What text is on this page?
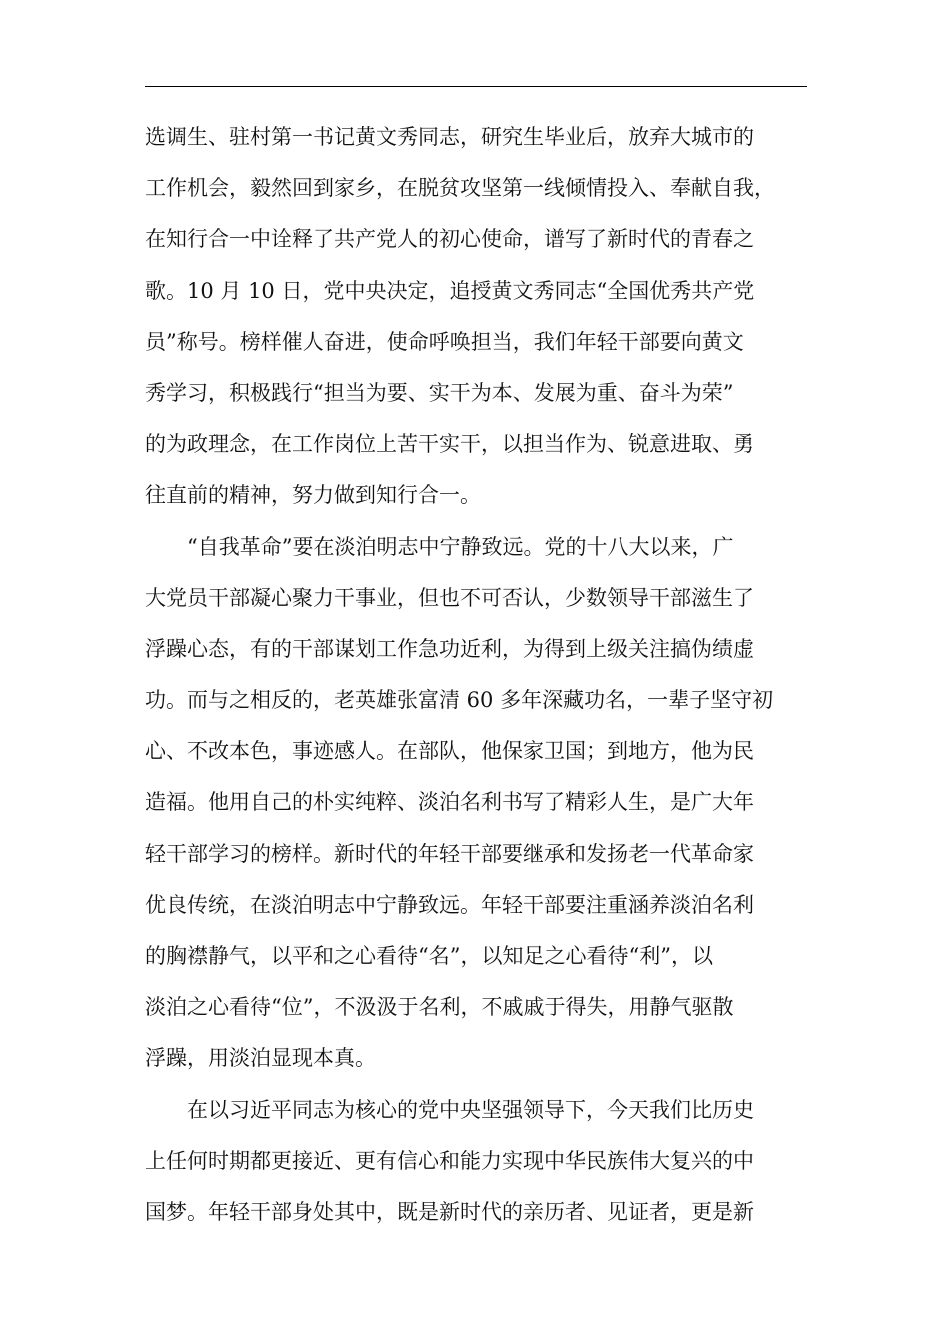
选调生、驻村第一书记黄文秀同志，研究生毕业后，放弃大城市的
工作机会，毅然回到家乡，在脱贫攻坚第一线倾情投入、奉献自我，
在知行合一中诠释了共产党人的初心使命，谱写了新时代的青春之
歌。10 月 10 日，党中央决定，追授黄文秀同志“全国优秀共产党
员”称号。榜样催人奋进，使命呼唤担当，我们年轻干部要向黄文
秀学习，积极践行“担当为要、实干为本、发展为重、奋斗为荣”
的为政理念，在工作岗位上苦干实干，以担当作为、锐意进取、勇
往直前的精神，努力做到知行合一。
“自我革命”要在淡泊明志中宁静致远。党的十八大以来，广
大党员干部凝心聚力干事业，但也不可否认，少数领导干部滋生了
浮躁心态，有的干部谋划工作急功近利，为得到上级关注搞伪绩虚
功。而与之相反的，老英雄张富清 60 多年深藏功名，一辈子坚守初
心、不改本色，事迹感人。在部队，他保家卫国；到地方，他为民
造福。他用自己的朴实纯粹、淡泊名利书写了精彩人生，是广大年
轻干部学习的榜样。新时代的年轻干部要继承和发扬老一代革命家
优良传统，在淡泊明志中宁静致远。年轻干部要注重涵养淡泊名利
的胸襟静气，以平和之心看待“名”，以知足之心看待“利”，以
淡泊之心看待“位”，不汲汲于名利，不戚戚于得失，用静气驱散
浮躁，用淡泊显现本真。
在以习近平同志为核心的党中央坚强领导下，今天我们比历史
上任何时期都更接近、更有信心和能力实现中华民族伟大复兴的中
国梦。年轻干部身处其中，既是新时代的亲历者、见证者，更是新
